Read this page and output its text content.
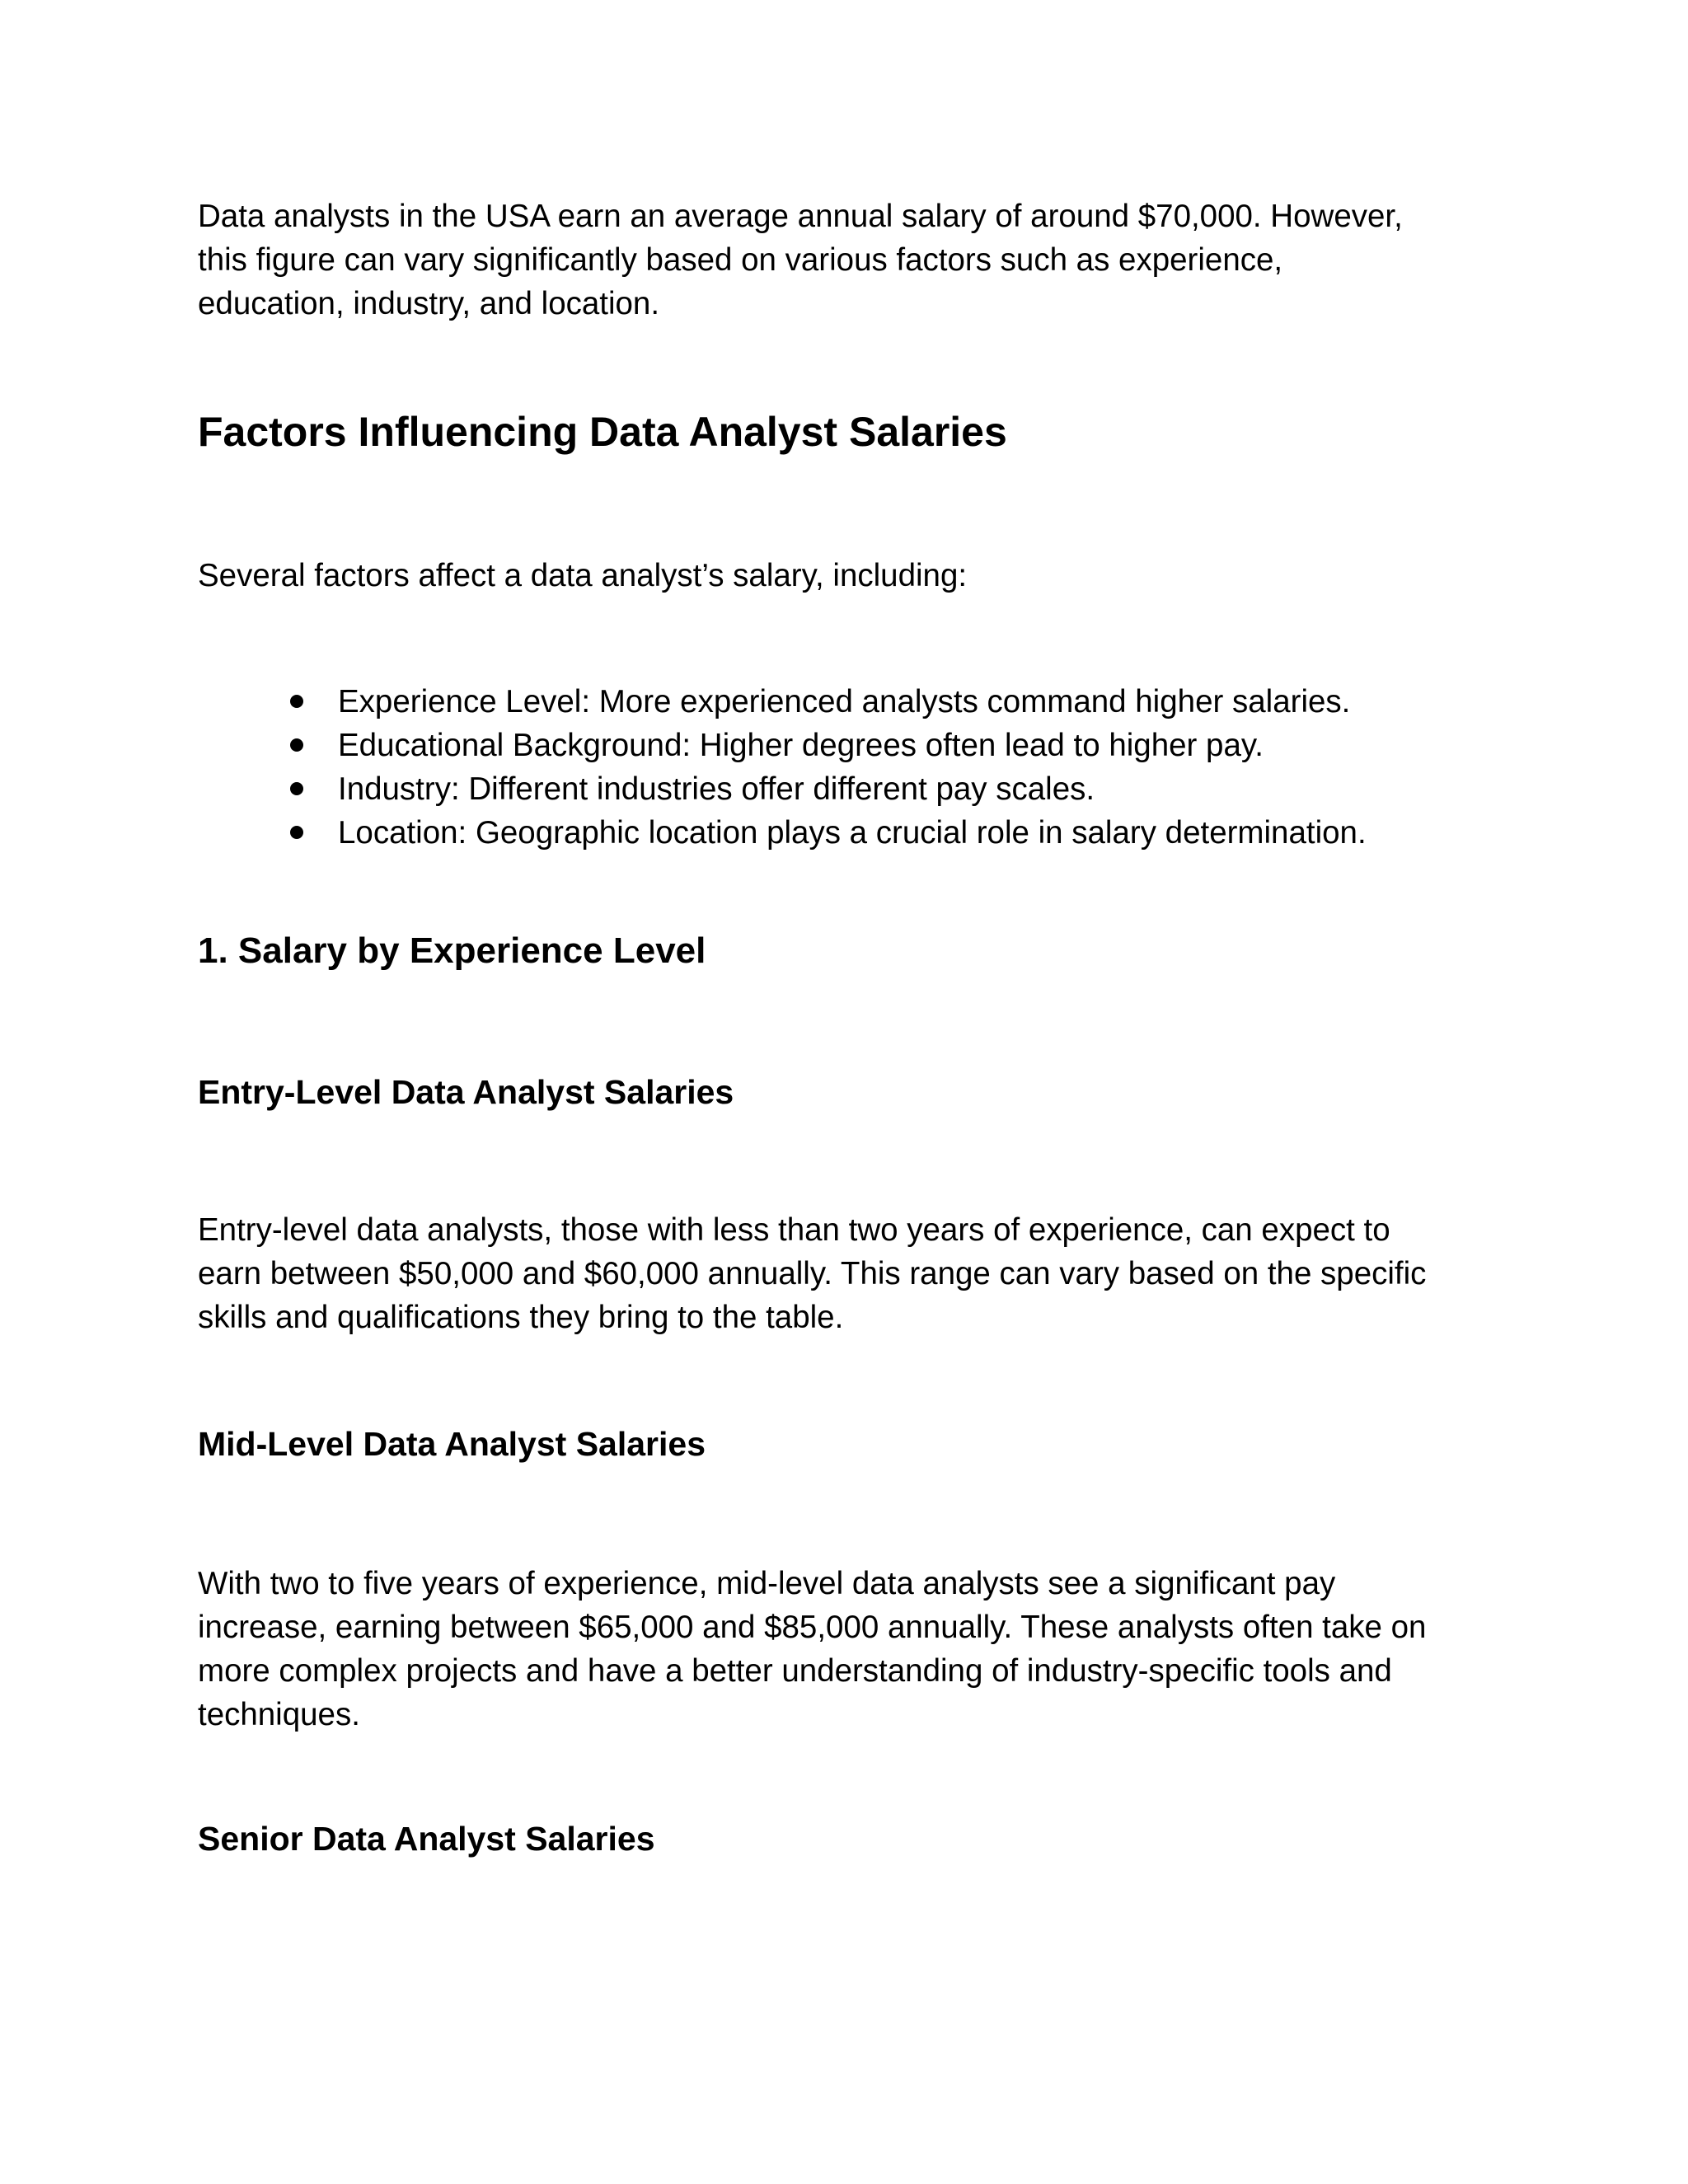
Data analysts in the USA earn an average annual salary of around $70,000. However,
this figure can vary significantly based on various factors such as experience,
education, industry, and location.

Factors Influencing Data Analyst Salaries

Several factors affect a data analyst’s salary, including:

Experience Level: More experienced analysts command higher salaries.
Educational Background: Higher degrees often lead to higher pay.
Industry: Different industries offer different pay scales.
Location: Geographic location plays a crucial role in salary determination.
1. Salary by Experience Level
Entry-Level Data Analyst Salaries

Entry-level data analysts, those with less than two years of experience, can expect to
earn between $50,000 and $60,000 annually. This range can vary based on the specific
skills and qualifications they bring to the table.

Mid-Level Data Analyst Salaries

With two to five years of experience, mid-level data analysts see a significant pay
increase, earning between $65,000 and $85,000 annually. These analysts often take on
more complex projects and have a better understanding of industry-specific tools and
techniques.

Senior Data Analyst Salaries
